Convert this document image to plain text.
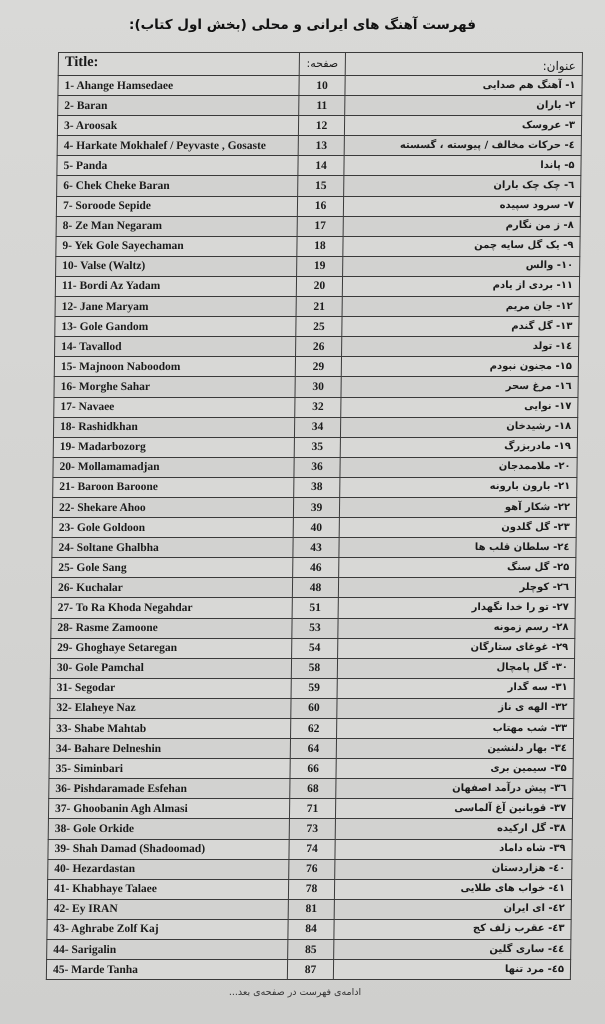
فهرست آهنگ های ایرانی و محلی (بخش اول کتاب):
Title:	صفحه:	عنوان:
1- Ahange Hamsedaee	10	۱- آهنگ هم صدایی
2- Baran	11	۲- باران
3- Aroosak	12	۳- عروسک
4- Harkate Mokhalef / Peyvaste , Gosaste	13	٤- حرکات مخالف / پیوسته ، گسسته
5- Panda	14	۵- پاندا
6- Chek Cheke Baran	15	٦- چک چک باران
7- Soroode Sepide	16	۷- سرود سپیده
8- Ze Man Negaram	17	۸- ز من نگارم
9- Yek Gole Sayechaman	18	۹- یک گل سایه چمن
10- Valse (Waltz)	19	۱۰- والس
11- Bordi Az Yadam	20	۱۱- بردی از یادم
12- Jane Maryam	21	۱۲- جان مریم
13- Gole Gandom	25	۱۳- گل گندم
14- Tavallod	26	۱٤- تولد
15- Majnoon Naboodom	29	۱۵- مجنون نبودم
16- Morghe Sahar	30	۱٦- مرغ سحر
17- Navaee	32	۱۷- نوایی
18- Rashidkhan	34	۱۸- رشیدخان
19- Madarbozorg	35	۱۹- مادربزرگ
20- Mollamamadjan	36	۲۰- ملاممدجان
21- Baroon Baroone	38	۲۱- بارون بارونه
22- Shekare Ahoo	39	۲۲- شکار آهو
23- Gole Goldoon	40	۲۳- گل گلدون
24- Soltane Ghalbha	43	۲٤- سلطان قلب ها
25- Gole Sang	46	۲۵- گل سنگ
26- Kuchalar	48	۲٦- کوچلر
27- To Ra Khoda Negahdar	51	۲۷- تو را خدا نگهدار
28- Rasme Zamoone	53	۲۸- رسم زمونه
29- Ghoghaye Setaregan	54	۲۹- غوغای ستارگان
30- Gole Pamchal	58	۳۰- گل پامچال
31- Segodar	59	۳۱- سه گدار
32- Elaheye Naz	60	۳۲- الهه ی ناز
33- Shabe Mahtab	62	۳۳- شب مهتاب
34- Bahare Delneshin	64	۳٤- بهار دلنشین
35- Siminbari	66	۳۵- سیمین بری
36- Pishdaramade Esfehan	68	۳٦- پیش درآمد اصفهان
37- Ghoobanin Agh Almasi	71	۳۷- قوبانین آغ آلماسی
38- Gole Orkide	73	۳۸- گل ارکیده
39- Shah Damad (Shadoomad)	74	۳۹- شاه داماد
40- Hezardastan	76	٤۰- هزاردستان
41- Khabhaye Talaee	78	٤۱- خواب های طلایی
42- Ey IRAN	81	٤۲- ای ایران
43- Aghrabe Zolf Kaj	84	٤۳- عقرب زلف کج
44- Sarigalin	85	٤٤- ساری گلین
45- Marde Tanha	87	٤۵- مرد تنها
ادامه‌ی فهرست در صفحه‌ی بعد...
